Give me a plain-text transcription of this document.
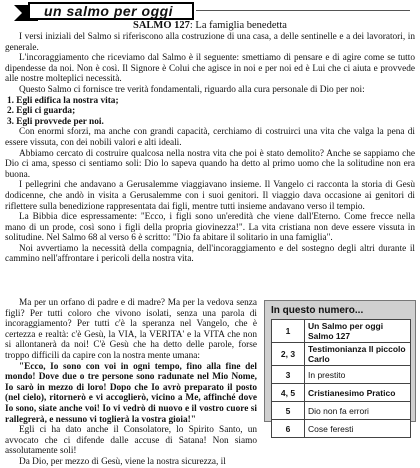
un salmo per oggi
SALMO 127: La famiglia benedetta

I versi iniziali del Salmo si riferiscono alla costruzione di una casa, a delle sentinelle e a dei lavoratori, in generale.

L'incoraggiamento che riceviamo dal Salmo è il seguente: smettiamo di pensare e di agire come se tutto dipendesse da noi. Non è così. Il Signore è Colui che agisce in noi e per noi ed è Lui che ci aiuta e provvede alle nostre molteplici necessità.

Questo Salmo ci fornisce tre verità fondamentali, riguardo alla cura personale di Dio per noi:

1. Egli edifica la nostra vita;
2. Egli ci guarda;
3. Egli provvede per noi.

Con enormi sforzi, ma anche con grandi capacità, cerchiamo di costruirci una vita che valga la pena di essere vissuta, con dei nobili valori e alti ideali.

Abbiamo cercato di costruire qualcosa nella nostra vita che poi è stato demolito? Anche se sappiamo che Dio ci ama, spesso ci sentiamo soli: Dio lo sapeva quando ha detto al primo uomo che la solitudine non era buona.

I pellegrini che andavano a Gerusalemme viaggiavano insieme. Il Vangelo ci racconta la storia di Gesù dodicenne, che andò in visita a Gerusalemme con i suoi genitori. Il viaggio dava occasione ai genitori di riflettere sulla benedizione rappresentata dai figli, mentre tutti insieme andavano verso il tempio.

La Bibbia dice espressamente: "Ecco, i figli sono un'eredità che viene dall'Eterno. Come frecce nella mano di un prode, così sono i figli della propria giovinezza!". La vita cristiana non deve essere vissuta in solitudine. Nel Salmo 68 al verso 6 è scritto: "Dio fa abitare il solitario in una famiglia".

Noi avvertiamo la necessità della compagnia, dell'incoraggiamento e del sostegno degli altri durante il cammino nell'affrontare i pericoli della nostra vita.

Ma per un orfano di padre e di madre? Ma per la vedova senza figli? Per tutti coloro che vivono isolati, senza una parola di incoraggiamento? Per tutti c'è la speranza nel Vangelo, che è certezza e realtà: c'è Gesù, la VIA, la VERITA' e la VITA che non si allontanerà da noi! C'è Gesù che ha detto delle parole, forse troppo difficili da capire con la nostra mente umana:

"Ecco, Io sono con voi in ogni tempo, fino alla fine del mondo! Dove due o tre persone sono radunate nel Mio Nome, Io sarò in mezzo di loro! Dopo che Io avrò preparato il posto (nel cielo), ritornerò e vi accoglierò, vicino a Me, affinché dove Io sono, siate anche voi! Io vi vedrò di nuovo e il vostro cuore si rallegrerà, e nessuno vi toglierà la vostra gioia!"

Egli ci ha dato anche il Consolatore, lo Spirito Santo, un avvocato che ci difende dalle accuse di Satana! Non siamo assolutamente soli!

Da Dio, per mezzo di Gesù, viene la nostra sicurezza, il

In questo numero...
1	Un Salmo per oggi Salmo 127
2, 3	Testimonianza Il piccolo Carlo
3	In prestito
4, 5	Cristianesimo Pratico
5	Dio non fa errori
6	Cose feresti
